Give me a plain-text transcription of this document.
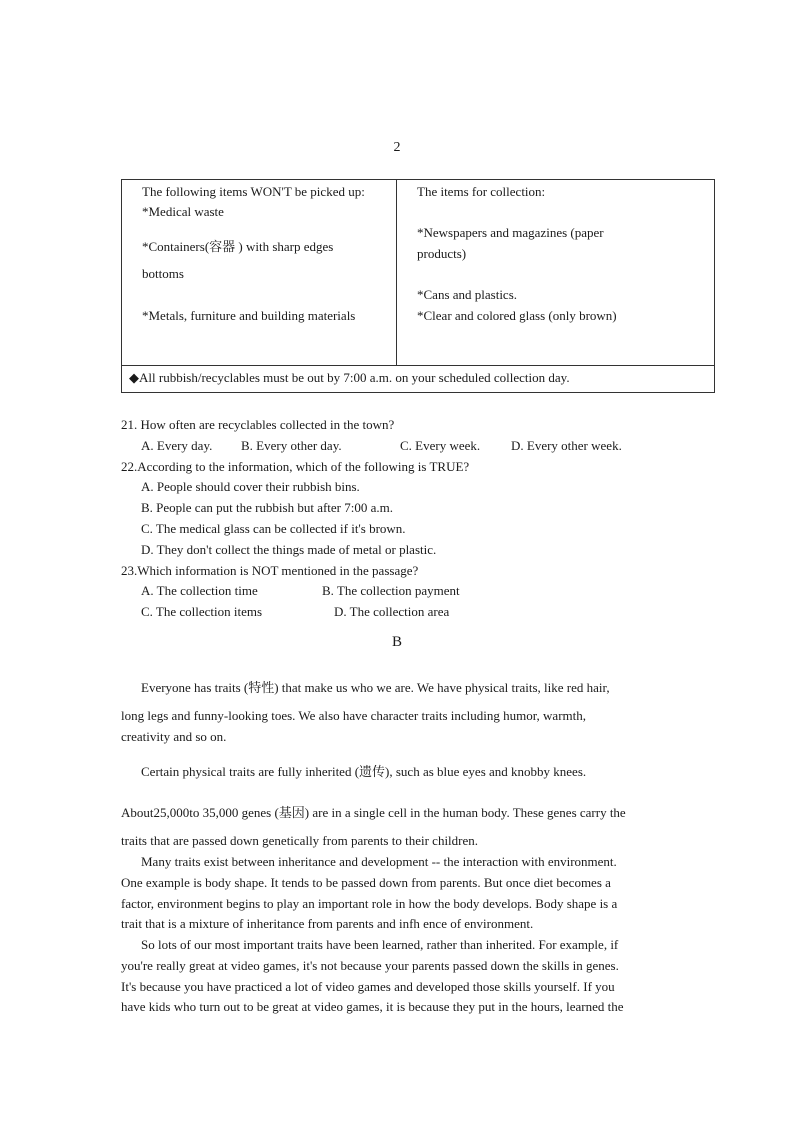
2
The following items WON'T be picked up:
*Medical waste
*Containers(容器 ) with sharp edges
bottoms
*Metals, furniture and building materials

The items for collection:
*Newspapers and magazines (paper
products)
*Cans and plastics.
*Clear and colored glass (only brown)

◆All rubbish/recyclables must be out by 7:00 a.m. on your scheduled collection day.
21. How often are recyclables collected in the town?
A. Every day. B. Every other day.	C. Every week. D. Every other week.
22.According to the information, which of the following is TRUE?
A. People should cover their rubbish bins.
B. People can put the rubbish but after 7:00 a.m.
C. The medical glass can be collected if it's brown.
D. They don't collect the things made of metal or plastic.
23.Which information is NOT mentioned in the passage?
A. The collection time	B. The collection payment
C. The collection items	D. The collection area
B
Everyone has traits (特性) that make us who we are. We have physical traits, like red hair,
long legs and funny-looking toes. We also have character traits including humor, warmth,
creativity and so on.
Certain physical traits are fully inherited (遗传), such as blue eyes and knobby knees.
About25,000to 35,000 genes (基因) are in a single cell in the human body. These genes carry the
traits that are passed down genetically from parents to their children.
Many traits exist between inheritance and development -- the interaction with environment.
One example is body shape. It tends to be passed down from parents. But once diet becomes a
factor, environment begins to play an important role in how the body develops. Body shape is a
trait that is a mixture of inheritance from parents and infh ence of environment.
So lots of our most important traits have been learned, rather than inherited. For example, if
you're really great at video games, it's not because your parents passed down the skills in genes.
It's because you have practiced a lot of video games and developed those skills yourself. If you
have kids who turn out to be great at video games, it is because they put in the hours, learned the
